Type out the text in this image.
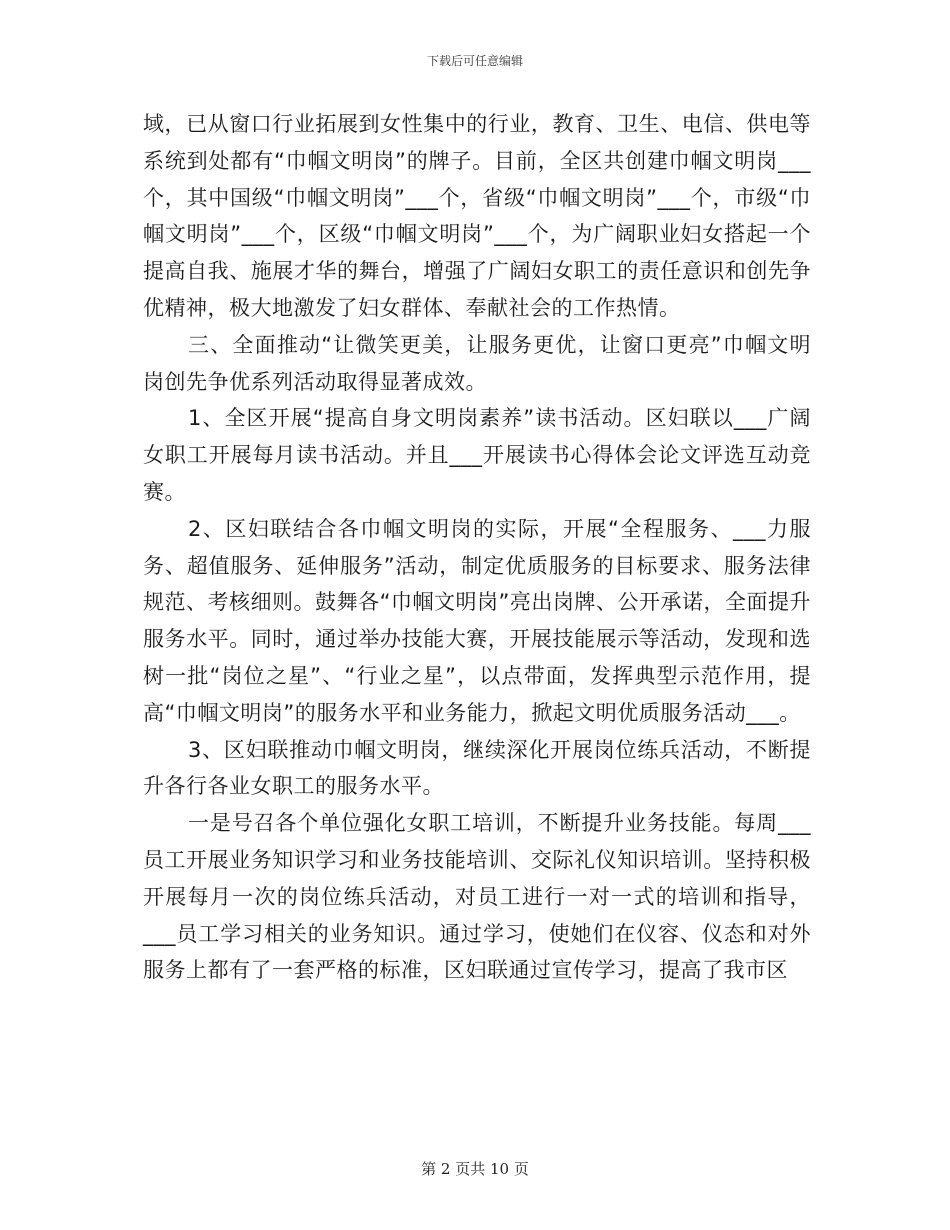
下载后可任意编辑

域，已从窗口行业拓展到女性集中的行业，教育、卫生、电信、供电等系统到处都有“巾帼文明岗”的牌子。目前，全区共创建巾帼文明岗___个，其中国级“巾帼文明岗”___个，省级“巾帼文明岗”___个，市级“巾帼文明岗”___个，区级“巾帼文明岗”___个，为广阔职业妇女搭起一个提高自我、施展才华的舞台，增强了广阔妇女职工的责任意识和创先争优精神，极大地激发了妇女群体、奉献社会的工作热情。

三、全面推动“让微笑更美，让服务更优，让窗口更亮”巾帼文明岗创先争优系列活动取得显著成效。

1、全区开展“提高自身文明岗素养”读书活动。区妇联以___广阔女职工开展每月读书活动。并且___开展读书心得体会论文评选互动竞赛。

2、区妇联结合各巾帼文明岗的实际，开展“全程服务、___力服务、超值服务、延伸服务”活动，制定优质服务的目标要求、服务法律规范、考核细则。鼓舞各“巾帼文明岗”亮出岗牌、公开承诺，全面提升服务水平。同时，通过举办技能大赛，开展技能展示等活动，发现和选树一批“岗位之星”、“行业之星”，以点带面，发挥典型示范作用，提高“巾帼文明岗”的服务水平和业务能力，掀起文明优质服务活动___。

3、区妇联推动巾帼文明岗，继续深化开展岗位练兵活动，不断提升各行各业女职工的服务水平。

一是号召各个单位强化女职工培训，不断提升业务技能。每周___员工开展业务知识学习和业务技能培训、交际礼仪知识培训。坚持积极开展每月一次的岗位练兵活动，对员工进行一对一式的培训和指导，___员工学习相关的业务知识。通过学习，使她们在仪容、仪态和对外服务上都有了一套严格的标准，区妇联通过宣传学习，提高了我市区

第 2 页共 10 页
